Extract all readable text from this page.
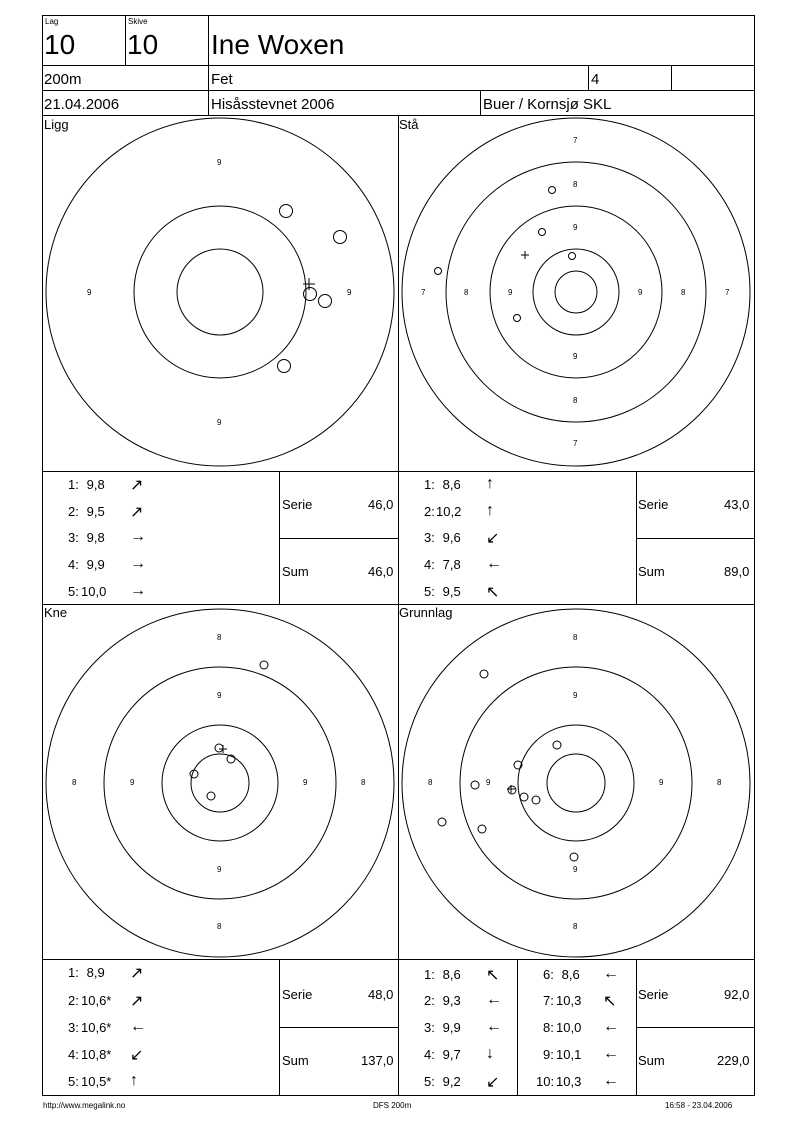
Lag
10
Skive
10 Ine Woxen
200m	Fet	4
21.04.2006	Hisåsstevnet 2006	Buer / Kornsjø SKL
Ligg
9
9	9
9
Stå
7
7	7
7
8
8	8
8
9
9	9
9
Kne
8
8	8
8
9
9	9
9
Grunnlag
8
8	8
8
9
9	9
9
1: 9,8 ↗
2: 9,5 ↗
3: 9,8 →
4: 9,9 →
5: 10,0 →
Serie	46,0
Sum	46,0
1: 8,6 ↑
2: 10,2 ↑
3: 9,6 ↙
4: 7,8 ←
5: 9,5 ↖
Serie	43,0
Sum	89,0
1: 8,9 ↗
2: 10,6* ↗
3: 10,6* ←
4: 10,8* ↙
5: 10,5* ↑
Serie	48,0
Sum	137,0
1: 8,6 ↖
2: 9,3 ←
3: 9,9 ←
4: 9,7 ↓
5: 9,2 ↙
6: 8,6 ←
7: 10,3 ↖
8: 10,0 ←
9: 10,1 ←
10: 10,3 ←
Serie	92,0
Sum	229,0
http://www.megalink.no	DFS 200m	16:58 - 23.04.2006
